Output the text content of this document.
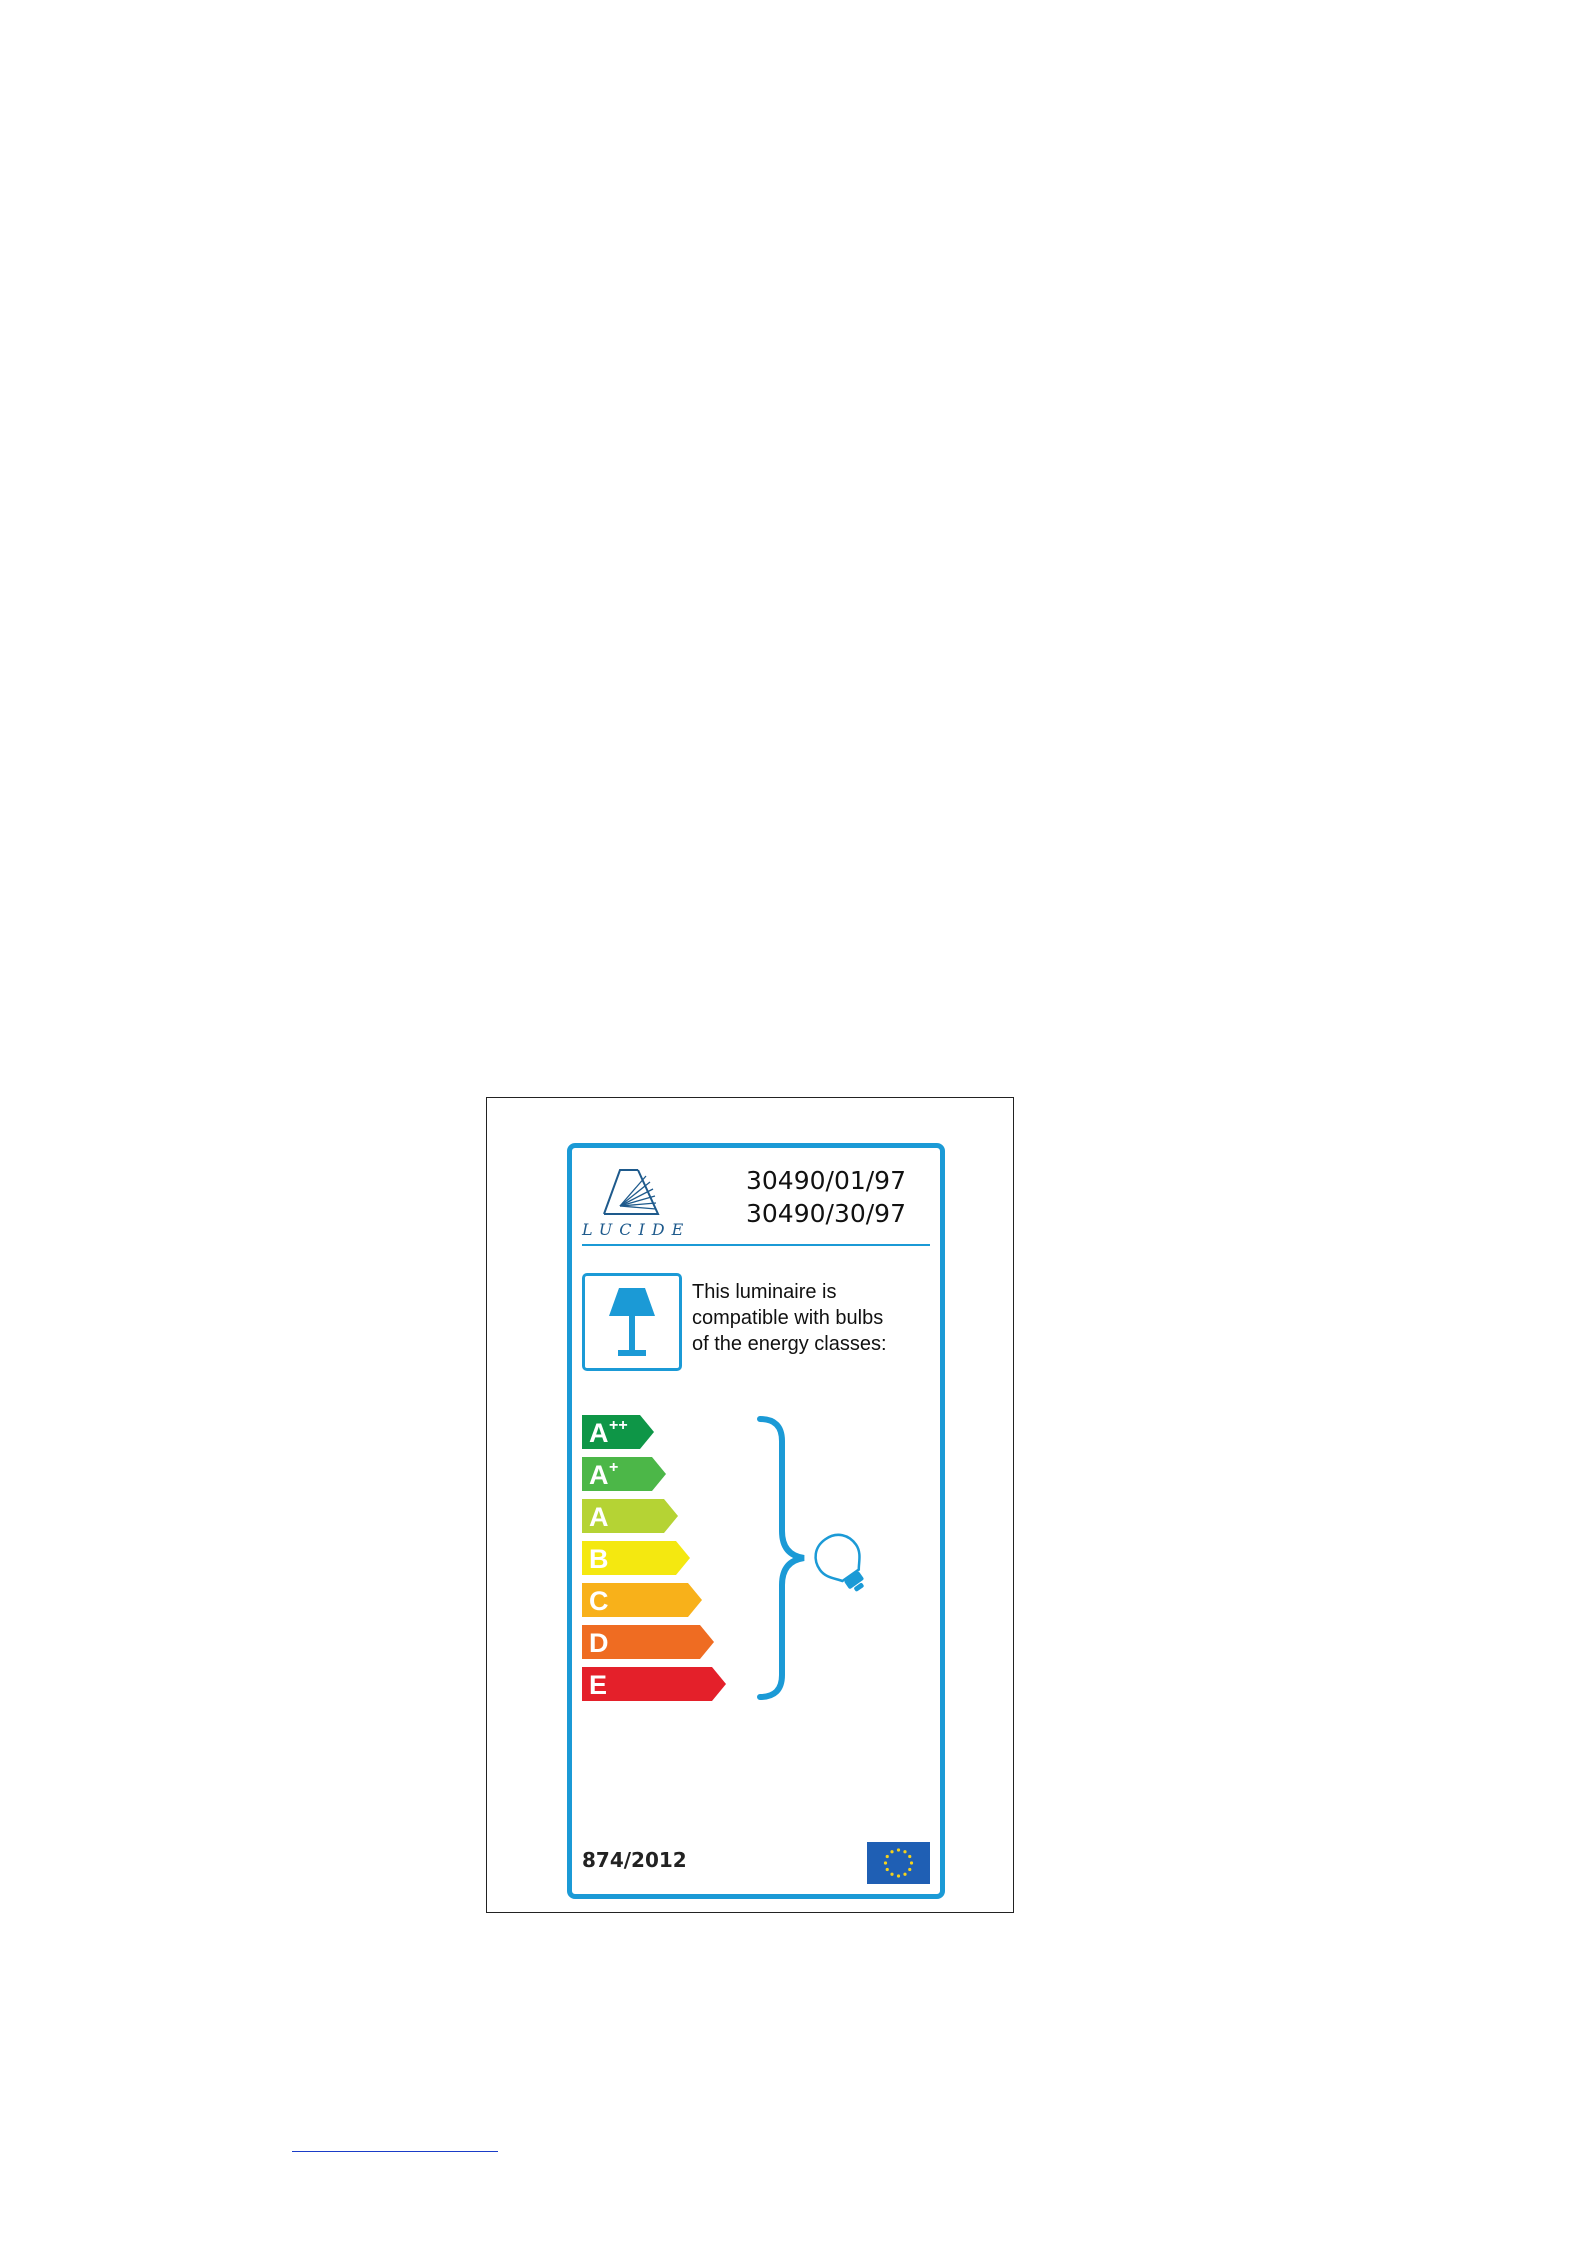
LUCIDE
30490/01/97
30490/30/97
This luminaire is
compatible with bulbs
of the energy classes:
A ++
A +
A
B
C
D
E
874/2012
